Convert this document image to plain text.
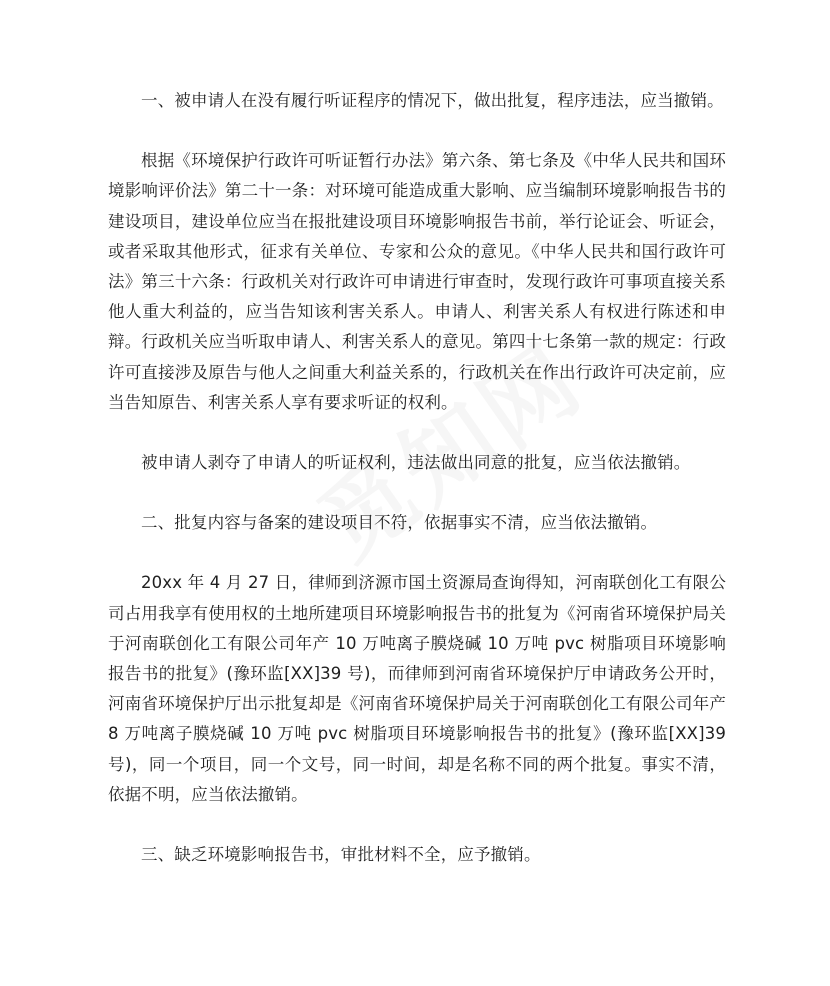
一、被申请人在没有履行听证程序的情况下，做出批复，程序违法，应当撤销。

根据《环境保护行政许可听证暂行办法》第六条、第七条及《中华人民共和国环境影响评价法》第二十一条：对环境可能造成重大影响、应当编制环境影响报告书的建设项目，建设单位应当在报批建设项目环境影响报告书前，举行论证会、听证会，或者采取其他形式，征求有关单位、专家和公众的意见。《中华人民共和国行政许可法》第三十六条：行政机关对行政许可申请进行审查时，发现行政许可事项直接关系他人重大利益的，应当告知该利害关系人。申请人、利害关系人有权进行陈述和申辩。行政机关应当听取申请人、利害关系人的意见。第四十七条第一款的规定：行政许可直接涉及原告与他人之间重大利益关系的，行政机关在作出行政许可决定前，应当告知原告、利害关系人享有要求听证的权利。

被申请人剥夺了申请人的听证权利，违法做出同意的批复，应当依法撤销。

二、批复内容与备案的建设项目不符，依据事实不清，应当依法撤销。

20xx 年 4 月 27 日，律师到济源市国土资源局查询得知，河南联创化工有限公司占用我享有使用权的土地所建项目环境影响报告书的批复为《河南省环境保护局关于河南联创化工有限公司年产 10 万吨离子膜烧碱 10 万吨 pvc 树脂项目环境影响报告书的批复》(豫环监[XX]39 号)，而律师到河南省环境保护厅申请政务公开时，河南省环境保护厅出示批复却是《河南省环境保护局关于河南联创化工有限公司年产 8 万吨离子膜烧碱 10 万吨 pvc 树脂项目环境影响报告书的批复》(豫环监[XX]39 号)，同一个项目，同一个文号，同一时间，却是名称不同的两个批复。事实不清，依据不明，应当依法撤销。

三、缺乏环境影响报告书，审批材料不全，应予撤销。
